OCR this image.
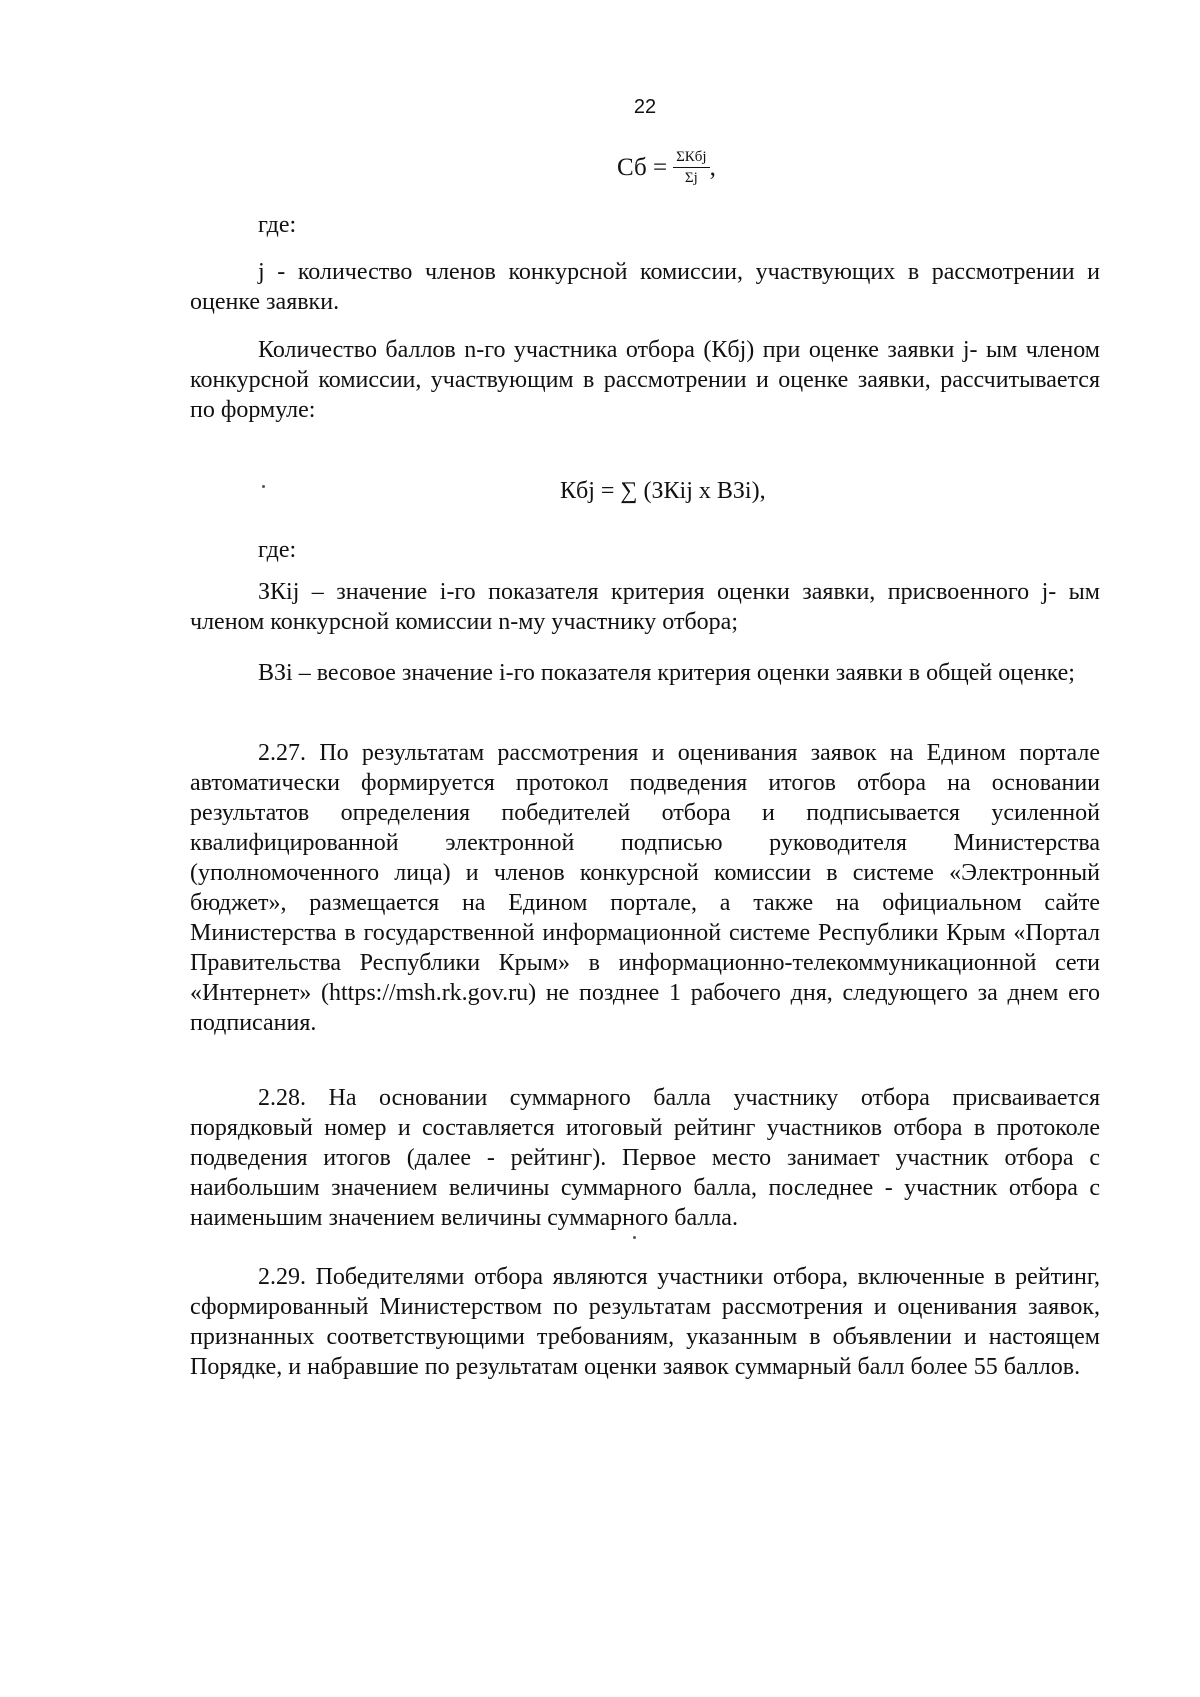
22
Сб = $\frac{\text{ΣКбj}}{\Sigma j}$ ,
где:
j - количество членов конкурсной комиссии, участвующих в рассмотрении и оценке заявки.
Количество баллов n-го участника отбора (Кбj) при оценке заявки j- ым членом конкурсной комиссии, участвующим в рассмотрении и оценке заявки, рассчитывается по формуле:
Кбj = ∑ (ЗКij x ВЗi),
где:
ЗКij – значение i-го показателя критерия оценки заявки, присвоенного j- ым членом конкурсной комиссии n-му участнику отбора;
ВЗi – весовое значение i-го показателя критерия оценки заявки в общей оценке;
2.27. По результатам рассмотрения и оценивания заявок на Едином портале автоматически формируется протокол подведения итогов отбора на основании результатов определения победителей отбора и подписывается усиленной квалифицированной электронной подписью руководителя Министерства (уполномоченного лица) и членов конкурсной комиссии в системе «Электронный бюджет», размещается на Едином портале, а также на официальном сайте Министерства в государственной информационной системе Республики Крым «Портал Правительства Республики Крым» в информационно-телекоммуникационной сети «Интернет» (https://msh.rk.gov.ru) не позднее 1 рабочего дня, следующего за днем его подписания.
2.28. На основании суммарного балла участнику отбора присваивается порядковый номер и составляется итоговый рейтинг участников отбора в протоколе подведения итогов (далее - рейтинг). Первое место занимает участник отбора с наибольшим значением величины суммарного балла, последнее - участник отбора с наименьшим значением величины суммарного балла.
2.29. Победителями отбора являются участники отбора, включенные в рейтинг, сформированный Министерством по результатам рассмотрения и оценивания заявок, признанных соответствующими требованиям, указанным в объявлении и настоящем Порядке, и набравшие по результатам оценки заявок суммарный балл более 55 баллов.
